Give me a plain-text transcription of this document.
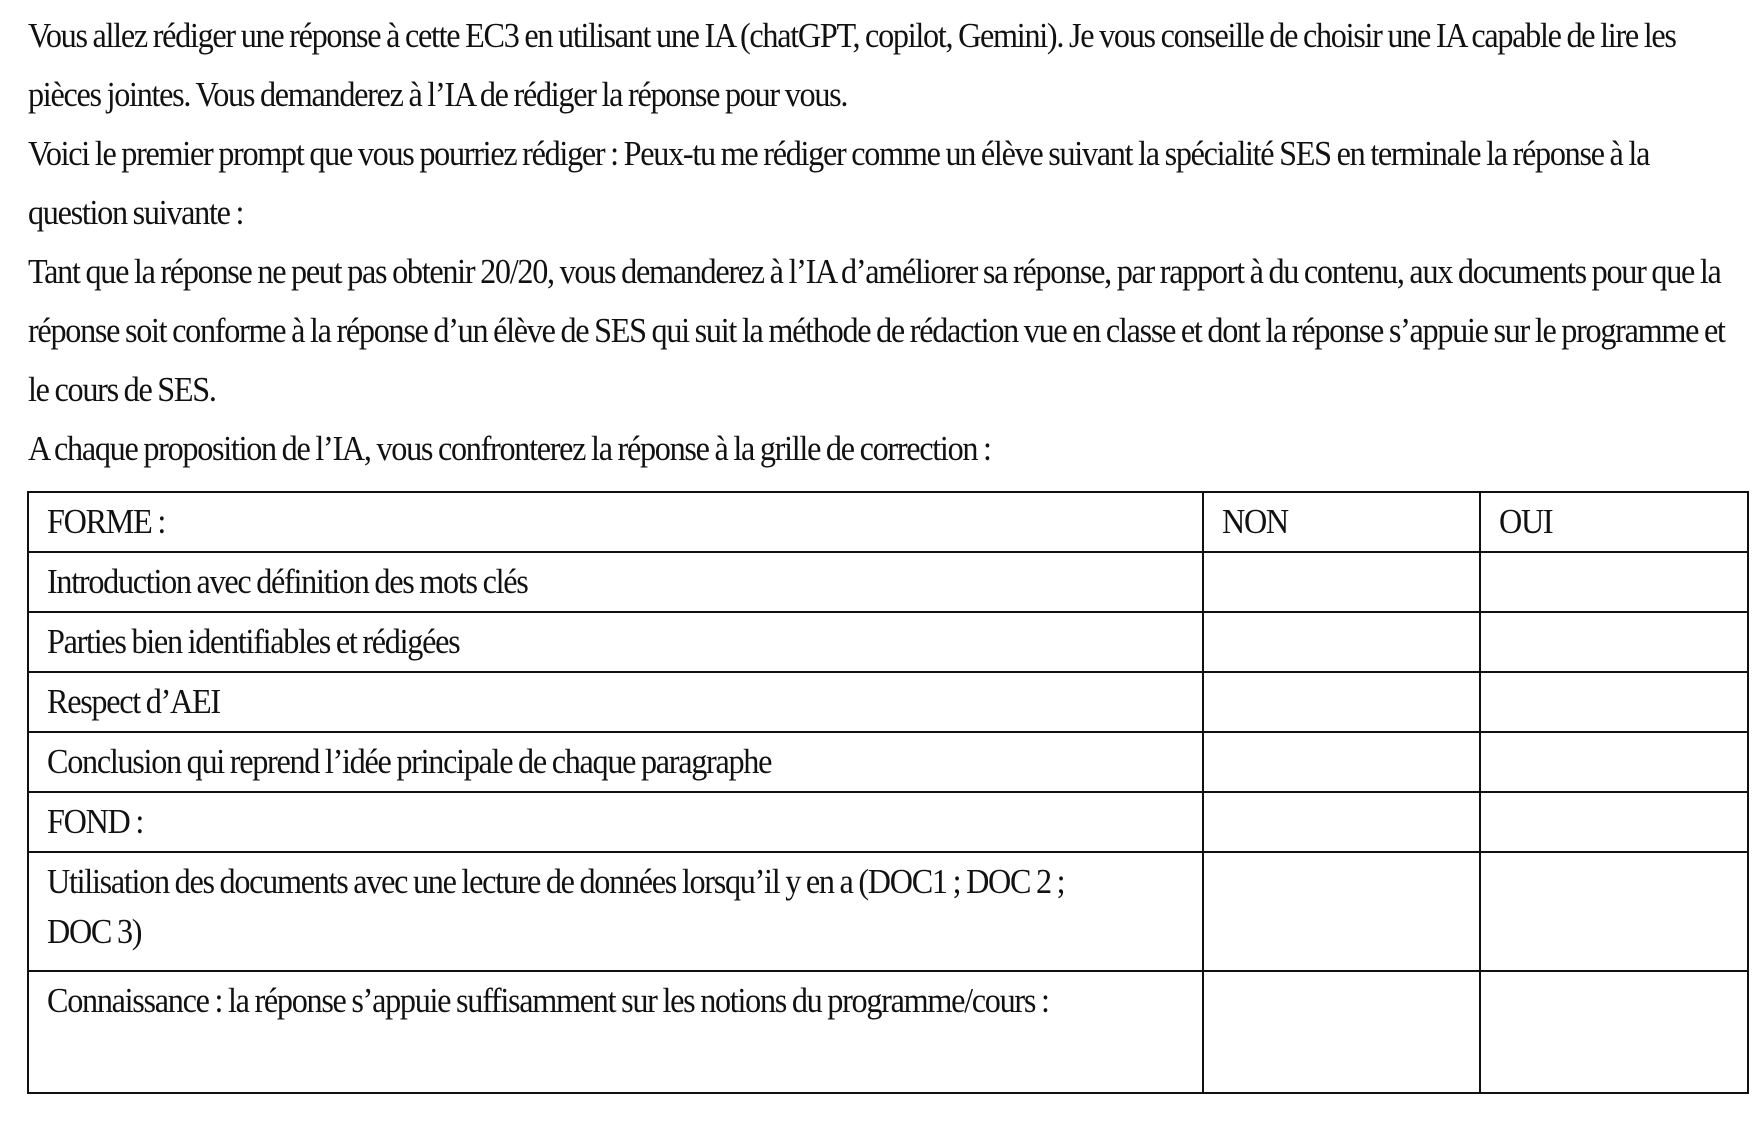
Vous allez rédiger une réponse à cette EC3 en utilisant une IA (chatGPT, copilot, Gemini). Je vous conseille de choisir une IA capable de lire les pièces jointes. Vous demanderez à l’IA de rédiger la réponse pour vous.

Voici le premier prompt que vous pourriez rédiger : Peux-tu me rédiger comme un élève suivant la spécialité SES en terminale la réponse à la question suivante :

Tant que la réponse ne peut pas obtenir 20/20, vous demanderez à l’IA d’améliorer sa réponse, par rapport à du contenu, aux documents pour que la réponse soit conforme à la réponse d’un élève de SES qui suit la méthode de rédaction vue en classe et dont la réponse s’appuie sur le programme et le cours de SES.

A chaque proposition de l’IA, vous confronterez la réponse à la grille de correction :

FORME :	NON	OUI

Introduction avec définition des mots clés		

Parties bien identifiables et rédigées		

Respect d’AEI		

Conclusion qui reprend l’idée principale de chaque paragraphe		

FOND :		

Utilisation des documents avec une lecture de données lorsqu’il y en a (DOC1 ; DOC 2 ; DOC 3)		

Connaissance : la réponse s’appuie suffisamment sur les notions du programme/cours :		
